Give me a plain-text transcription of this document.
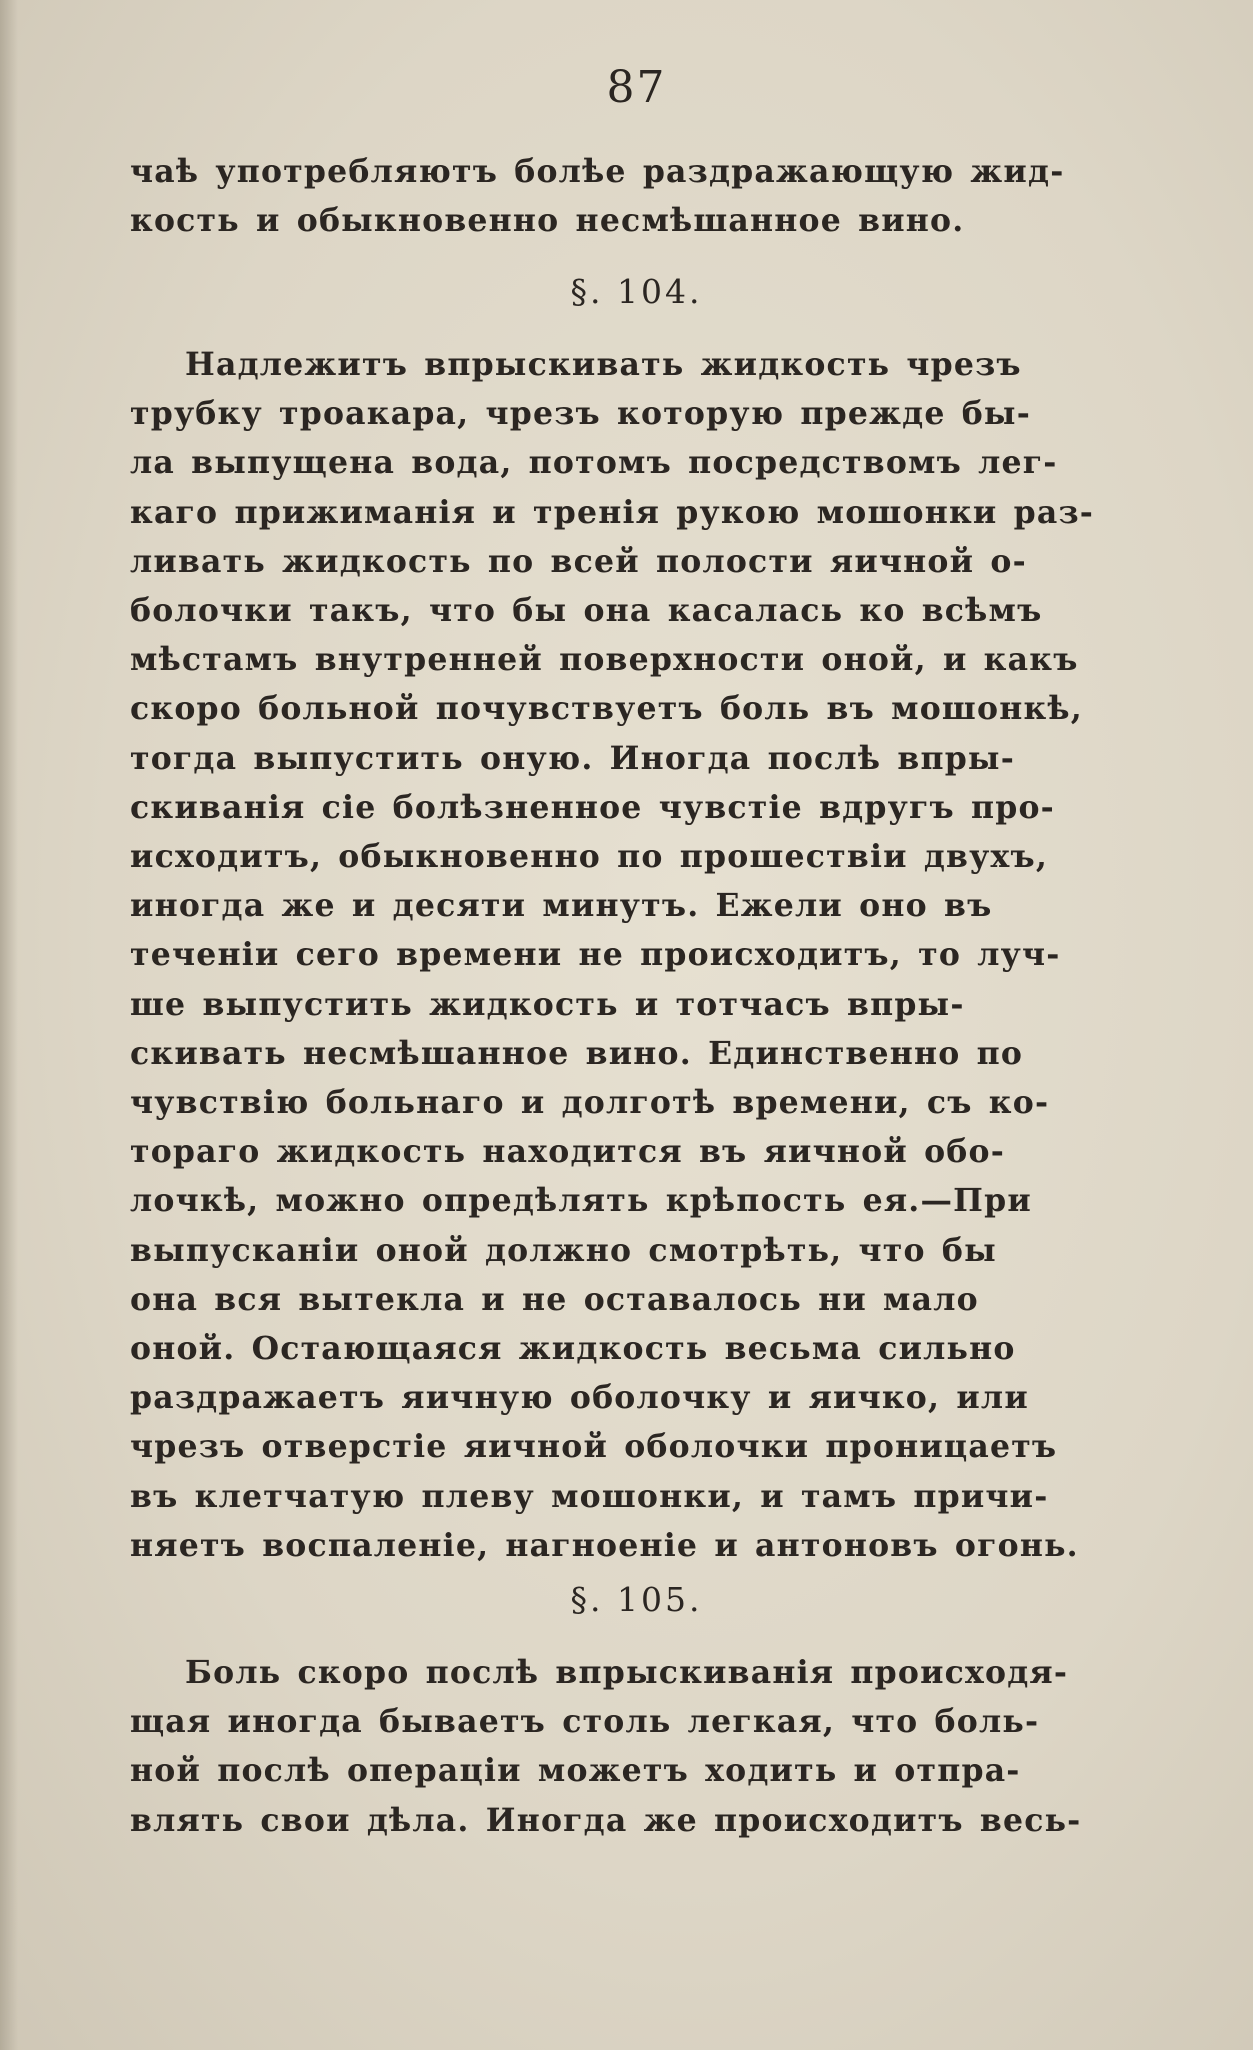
87
чаѣ употребляютъ болѣе раздражающую жид-
кость и обыкновенно несмѣшанное вино.
§. 104.
Надлежитъ впрыскивать жидкость чрезъ
трубку троакара, чрезъ которую прежде бы-
ла выпущена вода, потомъ посредствомъ лег-
каго прижиманія и тренія рукою мошонки раз-
ливать жидкость по всей полости яичной о-
болочки такъ, что бы она касалась ко всѣмъ
мѣстамъ внутренней поверхности оной, и какъ
скоро больной почувствуетъ боль въ мошонкѣ,
тогда выпустить оную. Иногда послѣ впры-
скиванія сіе болѣзненное чувстіе вдругъ про-
исходитъ, обыкновенно по прошествіи двухъ,
иногда же и десяти минутъ. Ежели оно въ
теченіи сего времени не происходитъ, то луч-
ше выпустить жидкость и тотчасъ впры-
скивать несмѣшанное вино. Единственно по
чувствію больнаго и долготѣ времени, съ ко-
тораго жидкость находится въ яичной обо-
лочкѣ, можно опредѣлять крѣпость ея.—При
выпусканіи оной должно смотрѣть, что бы
она вся вытекла и не оставалось ни мало
оной. Остающаяся жидкость весьма сильно
раздражаетъ яичную оболочку и яичко, или
чрезъ отверстіе яичной оболочки проницаетъ
въ клетчатую плеву мошонки, и тамъ причи-
няетъ воспаленіе, нагноеніе и антоновъ огонь.
§. 105.
Боль скоро послѣ впрыскиванія происходя-
щая иногда бываетъ столь легкая, что боль-
ной послѣ операціи можетъ ходить и отпра-
влять свои дѣла. Иногда же происходитъ весь-
